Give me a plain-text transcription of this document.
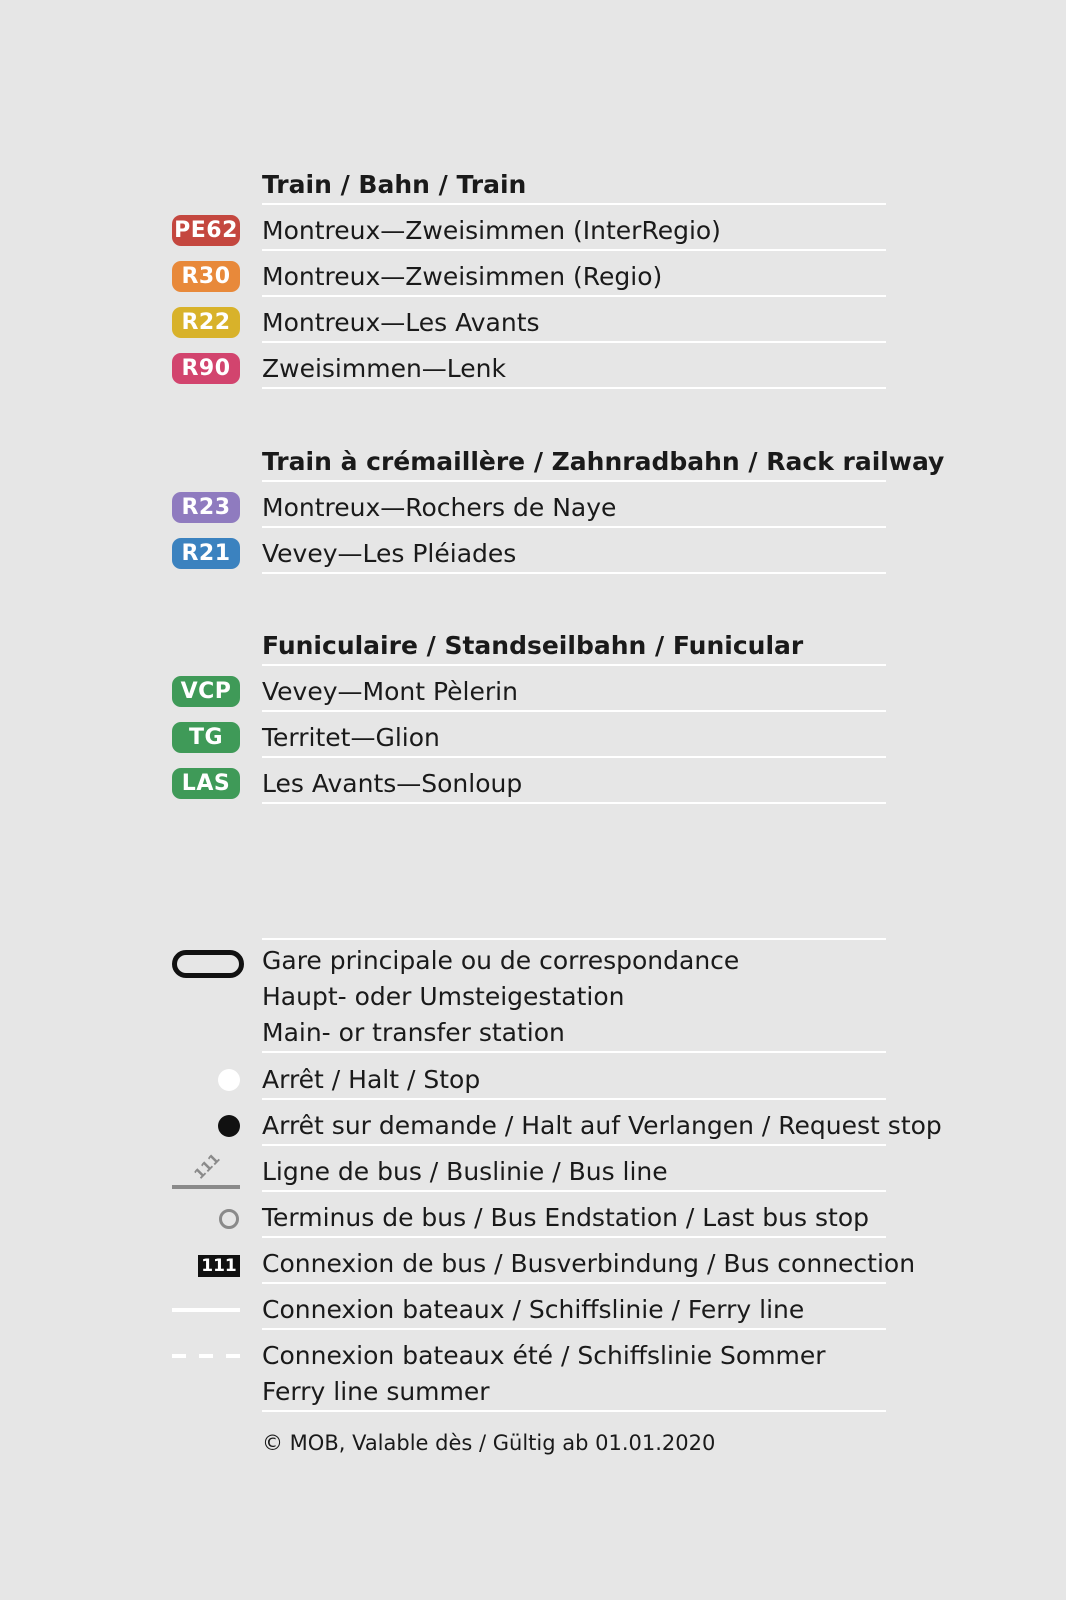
Train / Bahn / Train
PE62 Montreux—Zweisimmen (InterRegio)
R30	Montreux—Zweisimmen (Regio)
R22	Montreux—Les Avants
R90	Zweisimmen—Lenk
Train à crémaillère / Zahnradbahn / Rack railway
R23	Montreux—Rochers de Naye
R21	Vevey—Les Pléiades
Funiculaire / Standseilbahn / Funicular
VCP	Vevey—Mont Pèlerin
TG	Territet—Glion
LAS	Les Avants—Sonloup
Gare principale ou de correspondance
Haupt- oder Umsteigestation
Main- or transfer station
Arrêt / Halt / Stop
Arrêt sur demande / Halt auf Verlangen / Request stop
111 Ligne de bus / Buslinie / Bus line
Terminus de bus / Bus Endstation / Last bus stop
111 Connexion de bus / Busverbindung / Bus connection
Connexion bateaux / Schiffslinie / Ferry line
Connexion bateaux été / Schiffslinie Sommer
Ferry line summer
© MOB, Valable dès / Gültig ab 01.01.2020
